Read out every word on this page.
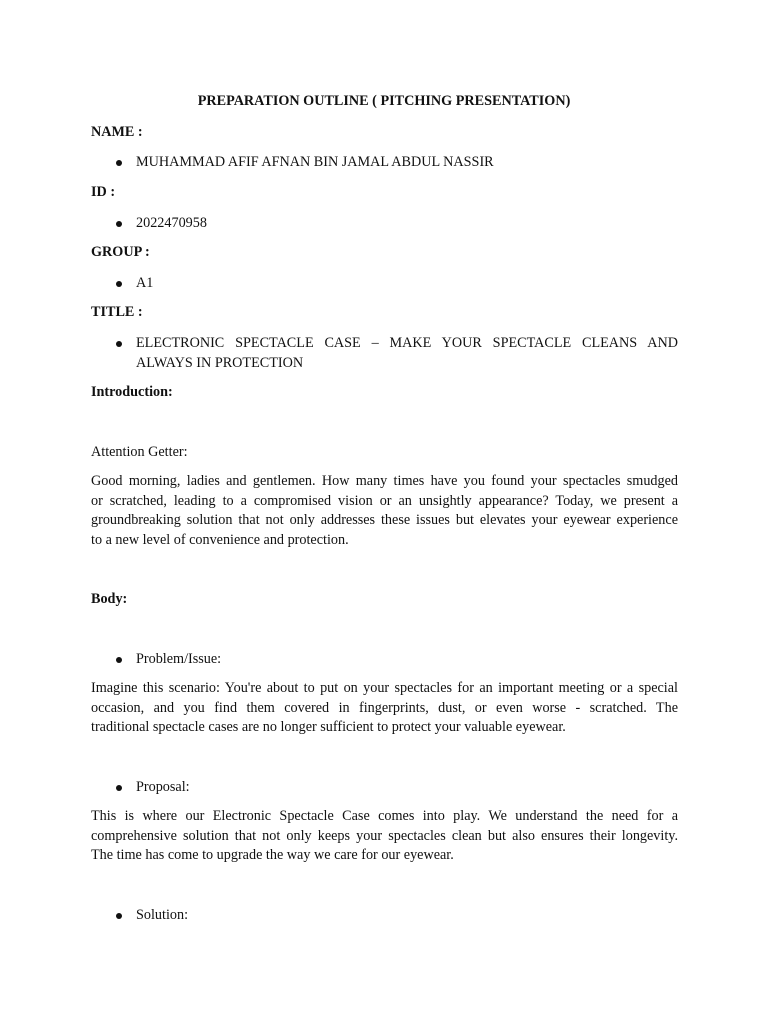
PREPARATION OUTLINE ( PITCHING PRESENTATION)

NAME :

MUHAMMAD AFIF AFNAN BIN JAMAL ABDUL NASSIR

ID :

2022470958

GROUP :

A1

TITLE :

ELECTRONIC SPECTACLE CASE – MAKE YOUR SPECTACLE CLEANS AND
ALWAYS IN PROTECTION

Introduction:

Attention Getter:

Good morning, ladies and gentlemen. How many times have you found your spectacles smudged
or scratched, leading to a compromised vision or an unsightly appearance? Today, we present a
groundbreaking solution that not only addresses these issues but elevates your eyewear experience
to a new level of convenience and protection.

Body:

Problem/Issue:

Imagine this scenario: You're about to put on your spectacles for an important meeting or a special
occasion, and you find them covered in fingerprints, dust, or even worse - scratched. The
traditional spectacle cases are no longer sufficient to protect your valuable eyewear.

Proposal:

This is where our Electronic Spectacle Case comes into play. We understand the need for a
comprehensive solution that not only keeps your spectacles clean but also ensures their longevity.
The time has come to upgrade the way we care for our eyewear.

Solution:
